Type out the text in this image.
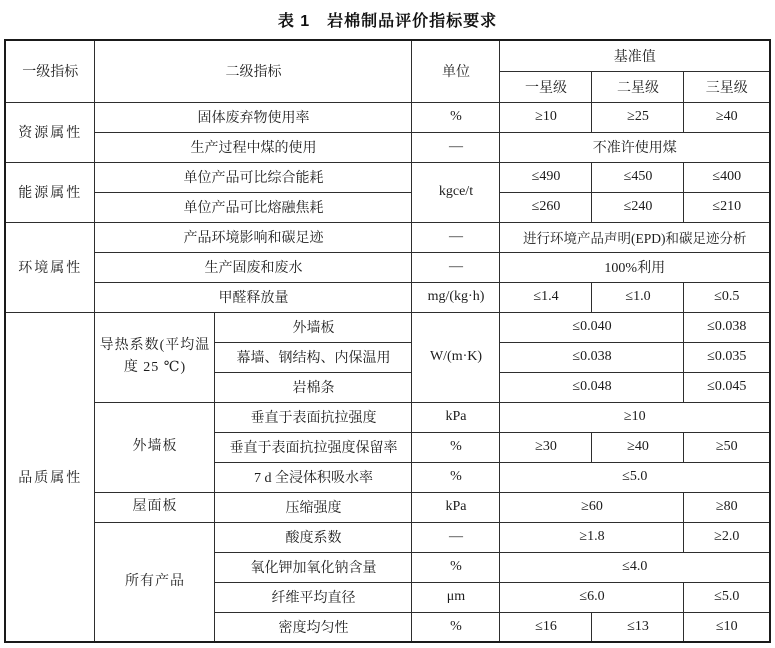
表 1　岩棉制品评价指标要求
一级指标	二级指标		单位	基准值		
				一星级	二星级	三星级
资源属性	固体废弃物使用率		%	≥10	≥25	≥40
	生产过程中煤的使用		—	不准许使用煤		
能源属性	单位产品可比综合能耗		kgce/t	≤490	≤450	≤400
	单位产品可比熔融焦耗			≤260	≤240	≤210
环境属性	产品环境影响和碳足迹		—	进行环境产品声明(EPD)和碳足迹分析		
	生产固废和废水		—	100%利用		
	甲醛释放量		mg/(kg·h)	≤1.4	≤1.0	≤0.5
品质属性	导热系数(平均温度 25 ℃)	外墙板	W/(m·K)	≤0.040		≤0.038
		幕墙、钢结构、内保温用		≤0.038		≤0.035
		岩棉条		≤0.048		≤0.045
	外墙板	垂直于表面抗拉强度	kPa	≥10		
		垂直于表面抗拉强度保留率	%	≥30	≥40	≥50
		7 d 全浸体积吸水率	%	≤5.0		
	屋面板	压缩强度	kPa	≥60		≥80
	所有产品	酸度系数	—	≥1.8		≥2.0
		氧化钾加氧化钠含量	%	≤4.0		
		纤维平均直径	μm	≤6.0		≤5.0
		密度均匀性	%	≤16	≤13	≤10
